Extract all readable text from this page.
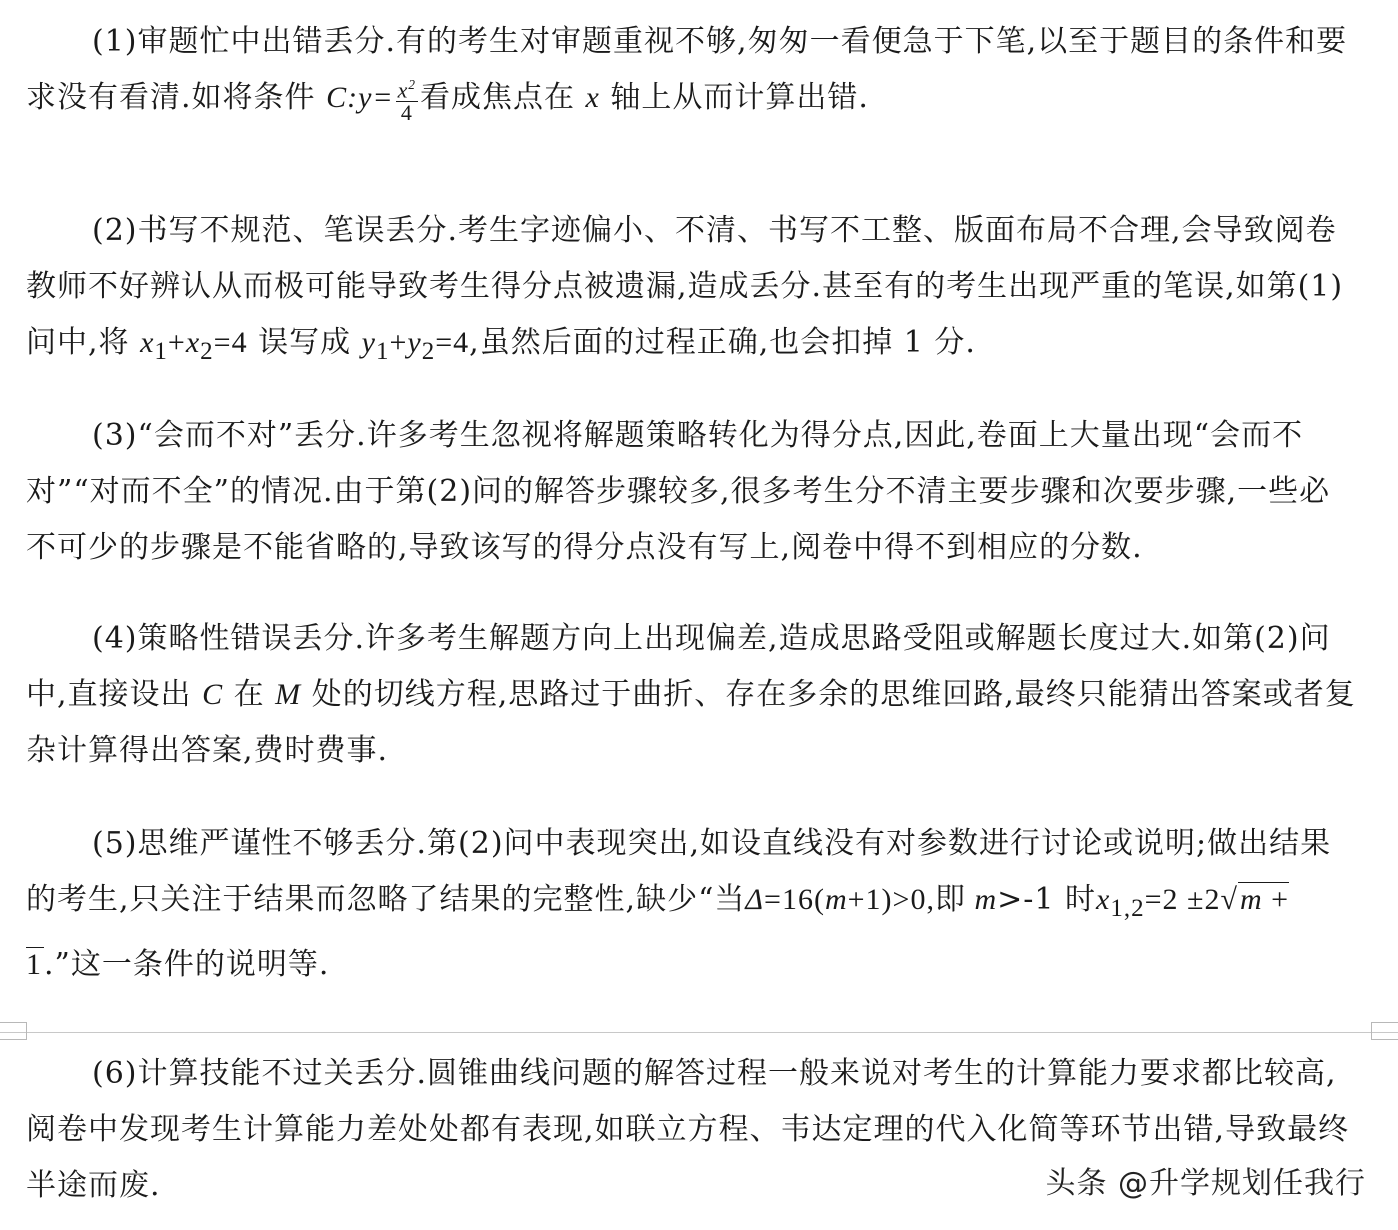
(1)审题忙中出错丢分.有的考生对审题重视不够,匆匆一看便急于下笔,以至于题目的条件和要求没有看清.如将条件 C:y= $\frac{x^2}{4}$ 看成焦点在 x 轴上从而计算出错.

(2)书写不规范、笔误丢分.考生字迹偏小、不清、书写不工整、版面布局不合理,会导致阅卷教师不好辨认从而极可能导致考生得分点被遗漏,造成丢分.甚至有的考生出现严重的笔误,如第(1)问中,将 $x_1+x_2=4$ 误写成 $y_1+y_2=4$,虽然后面的过程正确,也会扣掉 1 分.

(3)“会而不对”丢分.许多考生忽视将解题策略转化为得分点,因此,卷面上大量出现“会而不对”“对而不全”的情况.由于第(2)问的解答步骤较多,很多考生分不清主要步骤和次要步骤,一些必不可少的步骤是不能省略的,导致该写的得分点没有写上,阅卷中得不到相应的分数.

(4)策略性错误丢分.许多考生解题方向上出现偏差,造成思路受阻或解题长度过大.如第(2)问中,直接设出 C 在 M 处的切线方程,思路过于曲折、存在多余的思维回路,最终只能猜出答案或者复杂计算得出答案,费时费事.

(5)思维严谨性不够丢分.第(2)问中表现突出,如设直线没有对参数进行讨论或说明;做出结果的考生,只关注于结果而忽略了结果的完整性,缺少“当Δ=16(m+1)>0,即 m>-1 时$x_{1,2}=2 \pm 2√m + 1$.”这一条件的说明等.

(6)计算技能不过关丢分.圆锥曲线问题的解答过程一般来说对考生的计算能力要求都比较高,阅卷中发现考生计算能力差处处都有表现,如联立方程、韦达定理的代入化简等环节出错,导致最终半途而废.	头条 @升学规划任我行
